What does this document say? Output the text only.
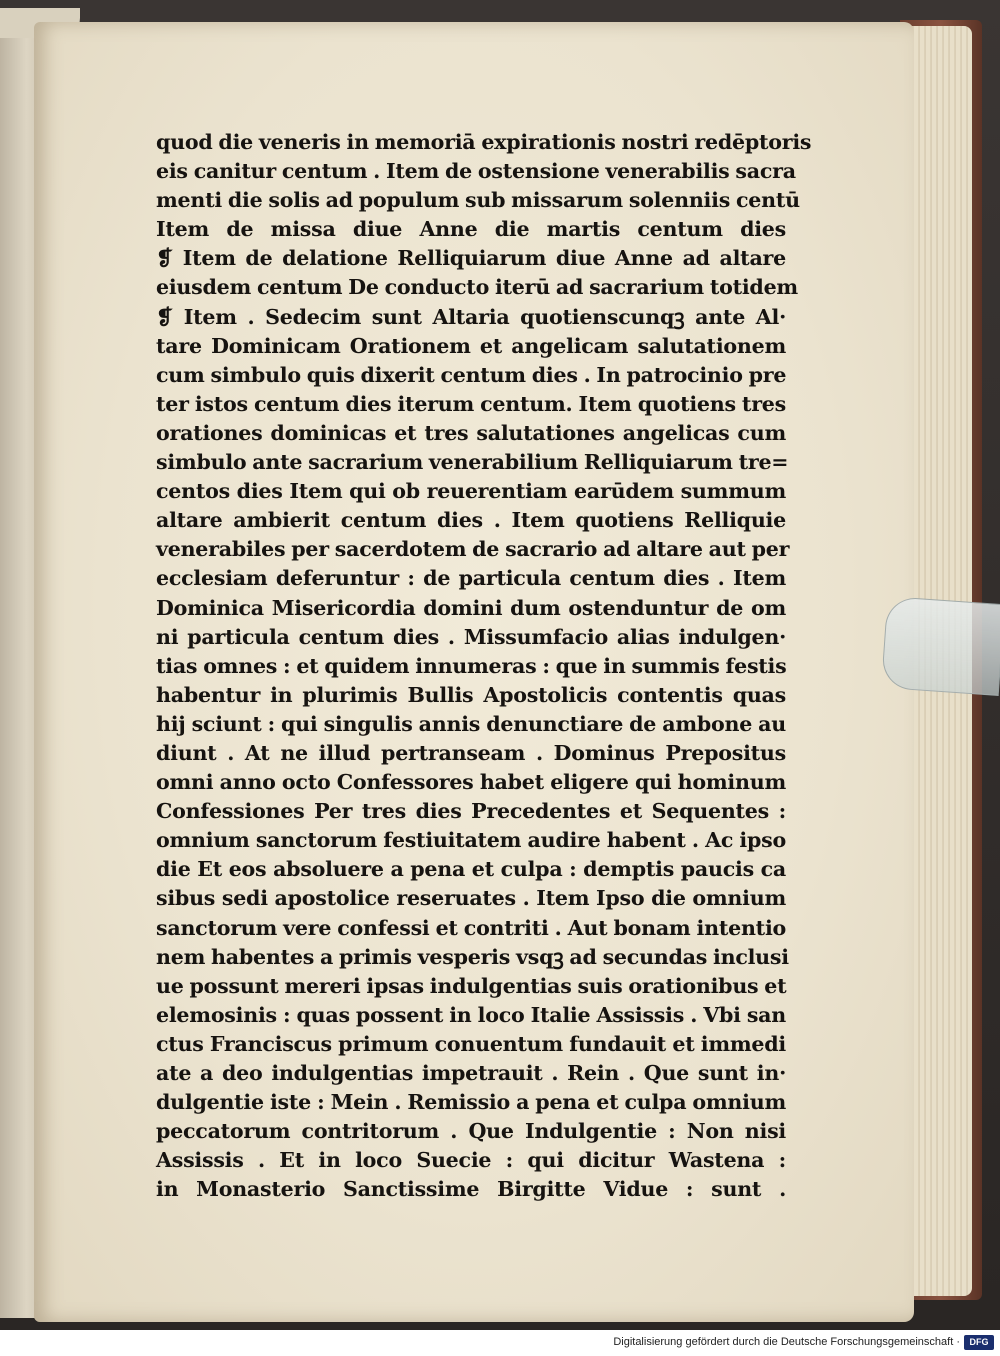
quod die veneris in memoriā expirationis nostri redēptoris
eis canitur centum . Item de ostensione venerabilis sacra
menti die solis ad populum sub missarum solenniis centū
Item de missa diue Anne die martis centum dies
❡ Item de delatione Relliquiarum diue Anne ad altare
eiusdem centum De conducto iterū ad sacrarium totidem
❡ Item . Sedecim sunt Altaria quotienscunqꝫ ante Al·
tare Dominicam Orationem et angelicam salutationem
cum simbulo quis dixerit centum dies . In patrocinio pre
ter istos centum dies iterum centum. Item quotiens tres
orationes dominicas et tres salutationes angelicas cum
simbulo ante sacrarium venerabilium Relliquiarum tre=
centos dies Item qui ob reuerentiam earūdem summum
altare ambierit centum dies . Item quotiens Relliquie
venerabiles per sacerdotem de sacrario ad altare aut per
ecclesiam deferuntur : de particula centum dies . Item
Dominica Misericordia domini dum ostenduntur de om
ni particula centum dies . Missumfacio alias indulgen·
tias omnes : et quidem innumeras : que in summis festis
habentur in plurimis Bullis Apostolicis contentis quas
hij sciunt : qui singulis annis denunctiare de ambone au
diunt . At ne illud pertranseam . Dominus Prepositus
omni anno octo Confessores habet eligere qui hominum
Confessiones Per tres dies Precedentes et Sequentes :
omnium sanctorum festiuitatem audire habent . Ac ipso
die Et eos absoluere a pena et culpa : demptis paucis ca
sibus sedi apostolice reseruates . Item Ipso die omnium
sanctorum vere confessi et contriti . Aut bonam intentio
nem habentes a primis vesperis vsqꝫ ad secundas inclusi
ue possunt mereri ipsas indulgentias suis orationibus et
elemosinis : quas possent in loco Italie Assissis . Vbi san
ctus Franciscus primum conuentum fundauit et immedi
ate a deo indulgentias impetrauit . Rein . Que sunt in·
dulgentie iste : Mein . Remissio a pena et culpa omnium
peccatorum contritorum . Que Indulgentie : Non nisi
Assissis . Et in loco Suecie : qui dicitur Wastena :
in Monasterio Sanctissime Birgitte Vidue : sunt .
Digitalisierung gefördert durch die Deutsche Forschungsgemeinschaft ·	DFG
